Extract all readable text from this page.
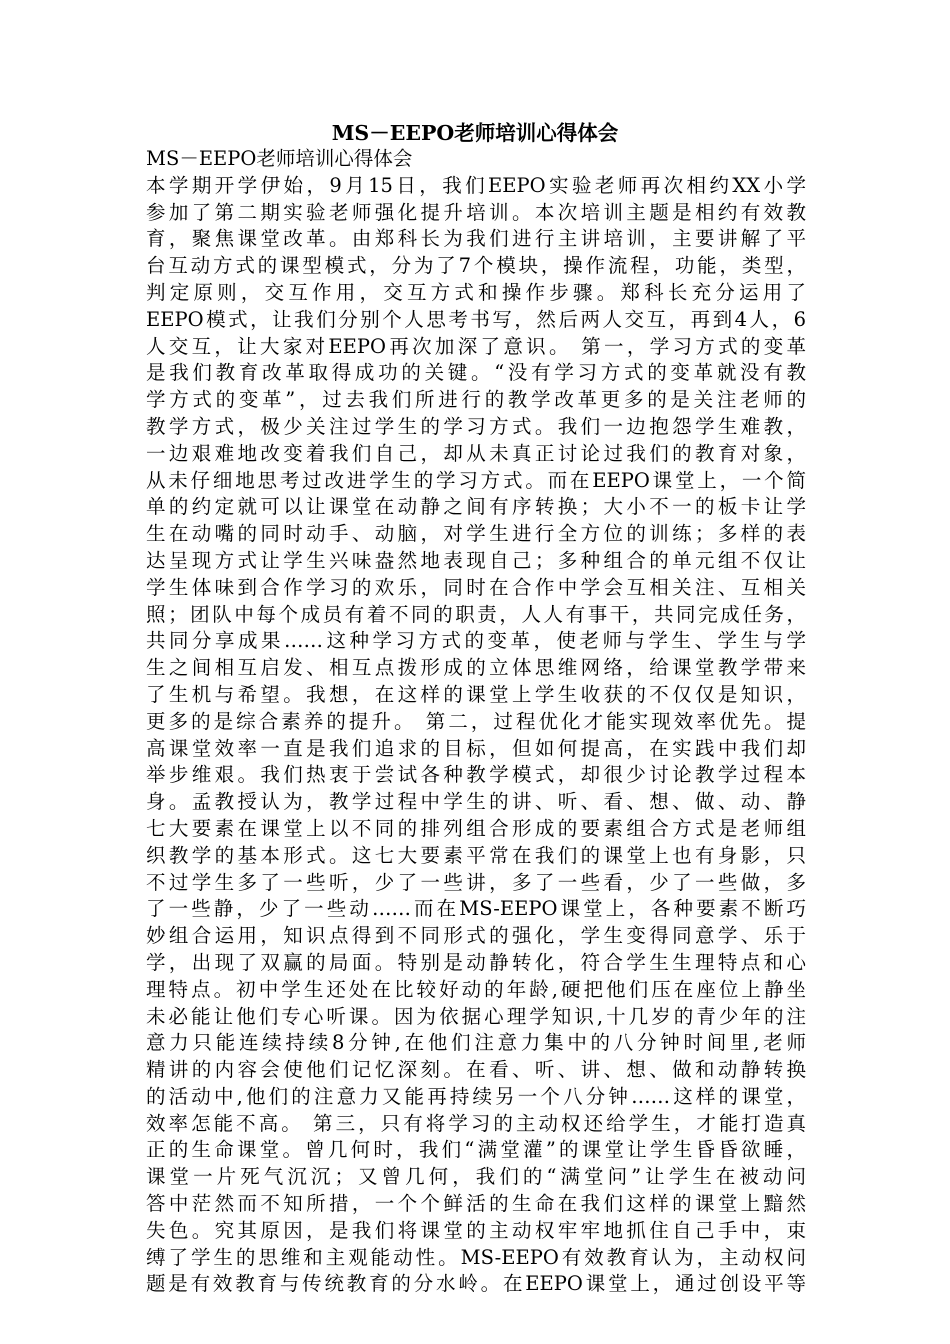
MS－EEPO老师培训心得体会
MS－EEPO老师培训心得体会
本学期开学伊始，9月15日，我们EEPO实验老师再次相约XX小学
参加了第二期实验老师强化提升培训。本次培训主题是相约有效教
育，聚焦课堂改革。由郑科长为我们进行主讲培训，主要讲解了平
台互动方式的课型模式，分为了7个模块，操作流程，功能，类型，
判定原则，交互作用，交互方式和操作步骤。郑科长充分运用了
EEPO模式，让我们分别个人思考书写，然后两人交互，再到4人，6
人交互，让大家对EEPO再次加深了意识。 第一，学习方式的变革
是我们教育改革取得成功的关键。“没有学习方式的变革就没有教
学方式的变革”，过去我们所进行的教学改革更多的是关注老师的
教学方式，极少关注过学生的学习方式。我们一边抱怨学生难教，
一边艰难地改变着我们自己，却从未真正讨论过我们的教育对象，
从未仔细地思考过改进学生的学习方式。而在EEPO课堂上，一个简
单的约定就可以让课堂在动静之间有序转换；大小不一的板卡让学
生在动嘴的同时动手、动脑，对学生进行全方位的训练；多样的表
达呈现方式让学生兴味盎然地表现自己；多种组合的单元组不仅让
学生体味到合作学习的欢乐，同时在合作中学会互相关注、互相关
照；团队中每个成员有着不同的职责，人人有事干，共同完成任务，
共同分享成果……这种学习方式的变革，使老师与学生、学生与学
生之间相互启发、相互点拨形成的立体思维网络，给课堂教学带来
了生机与希望。我想，在这样的课堂上学生收获的不仅仅是知识，
更多的是综合素养的提升。 第二，过程优化才能实现效率优先。提
高课堂效率一直是我们追求的目标，但如何提高，在实践中我们却
举步维艰。我们热衷于尝试各种教学模式，却很少讨论教学过程本
身。孟教授认为，教学过程中学生的讲、听、看、想、做、动、静
七大要素在课堂上以不同的排列组合形成的要素组合方式是老师组
织教学的基本形式。这七大要素平常在我们的课堂上也有身影，只
不过学生多了一些听，少了一些讲，多了一些看，少了一些做，多
了一些静，少了一些动……而在MS-EEPO课堂上，各种要素不断巧
妙组合运用，知识点得到不同形式的强化，学生变得同意学、乐于
学，出现了双赢的局面。特别是动静转化，符合学生生理特点和心
理特点。初中学生还处在比较好动的年龄,硬把他们压在座位上静坐
未必能让他们专心听课。因为依据心理学知识,十几岁的青少年的注
意力只能连续持续8分钟,在他们注意力集中的八分钟时间里,老师
精讲的内容会使他们记忆深刻。在看、听、讲、想、做和动静转换
的活动中,他们的注意力又能再持续另一个八分钟……这样的课堂，
效率怎能不高。 第三，只有将学习的主动权还给学生，才能打造真
正的生命课堂。曾几何时，我们“满堂灌”的课堂让学生昏昏欲睡，
课堂一片死气沉沉；又曾几何，我们的“满堂问”让学生在被动问
答中茫然而不知所措，一个个鲜活的生命在我们这样的课堂上黯然
失色。究其原因，是我们将课堂的主动权牢牢地抓住自己手中，束
缚了学生的思维和主观能动性。MS-EEPO有效教育认为，主动权问
题是有效教育与传统教育的分水岭。在EEPO课堂上，通过创设平等
